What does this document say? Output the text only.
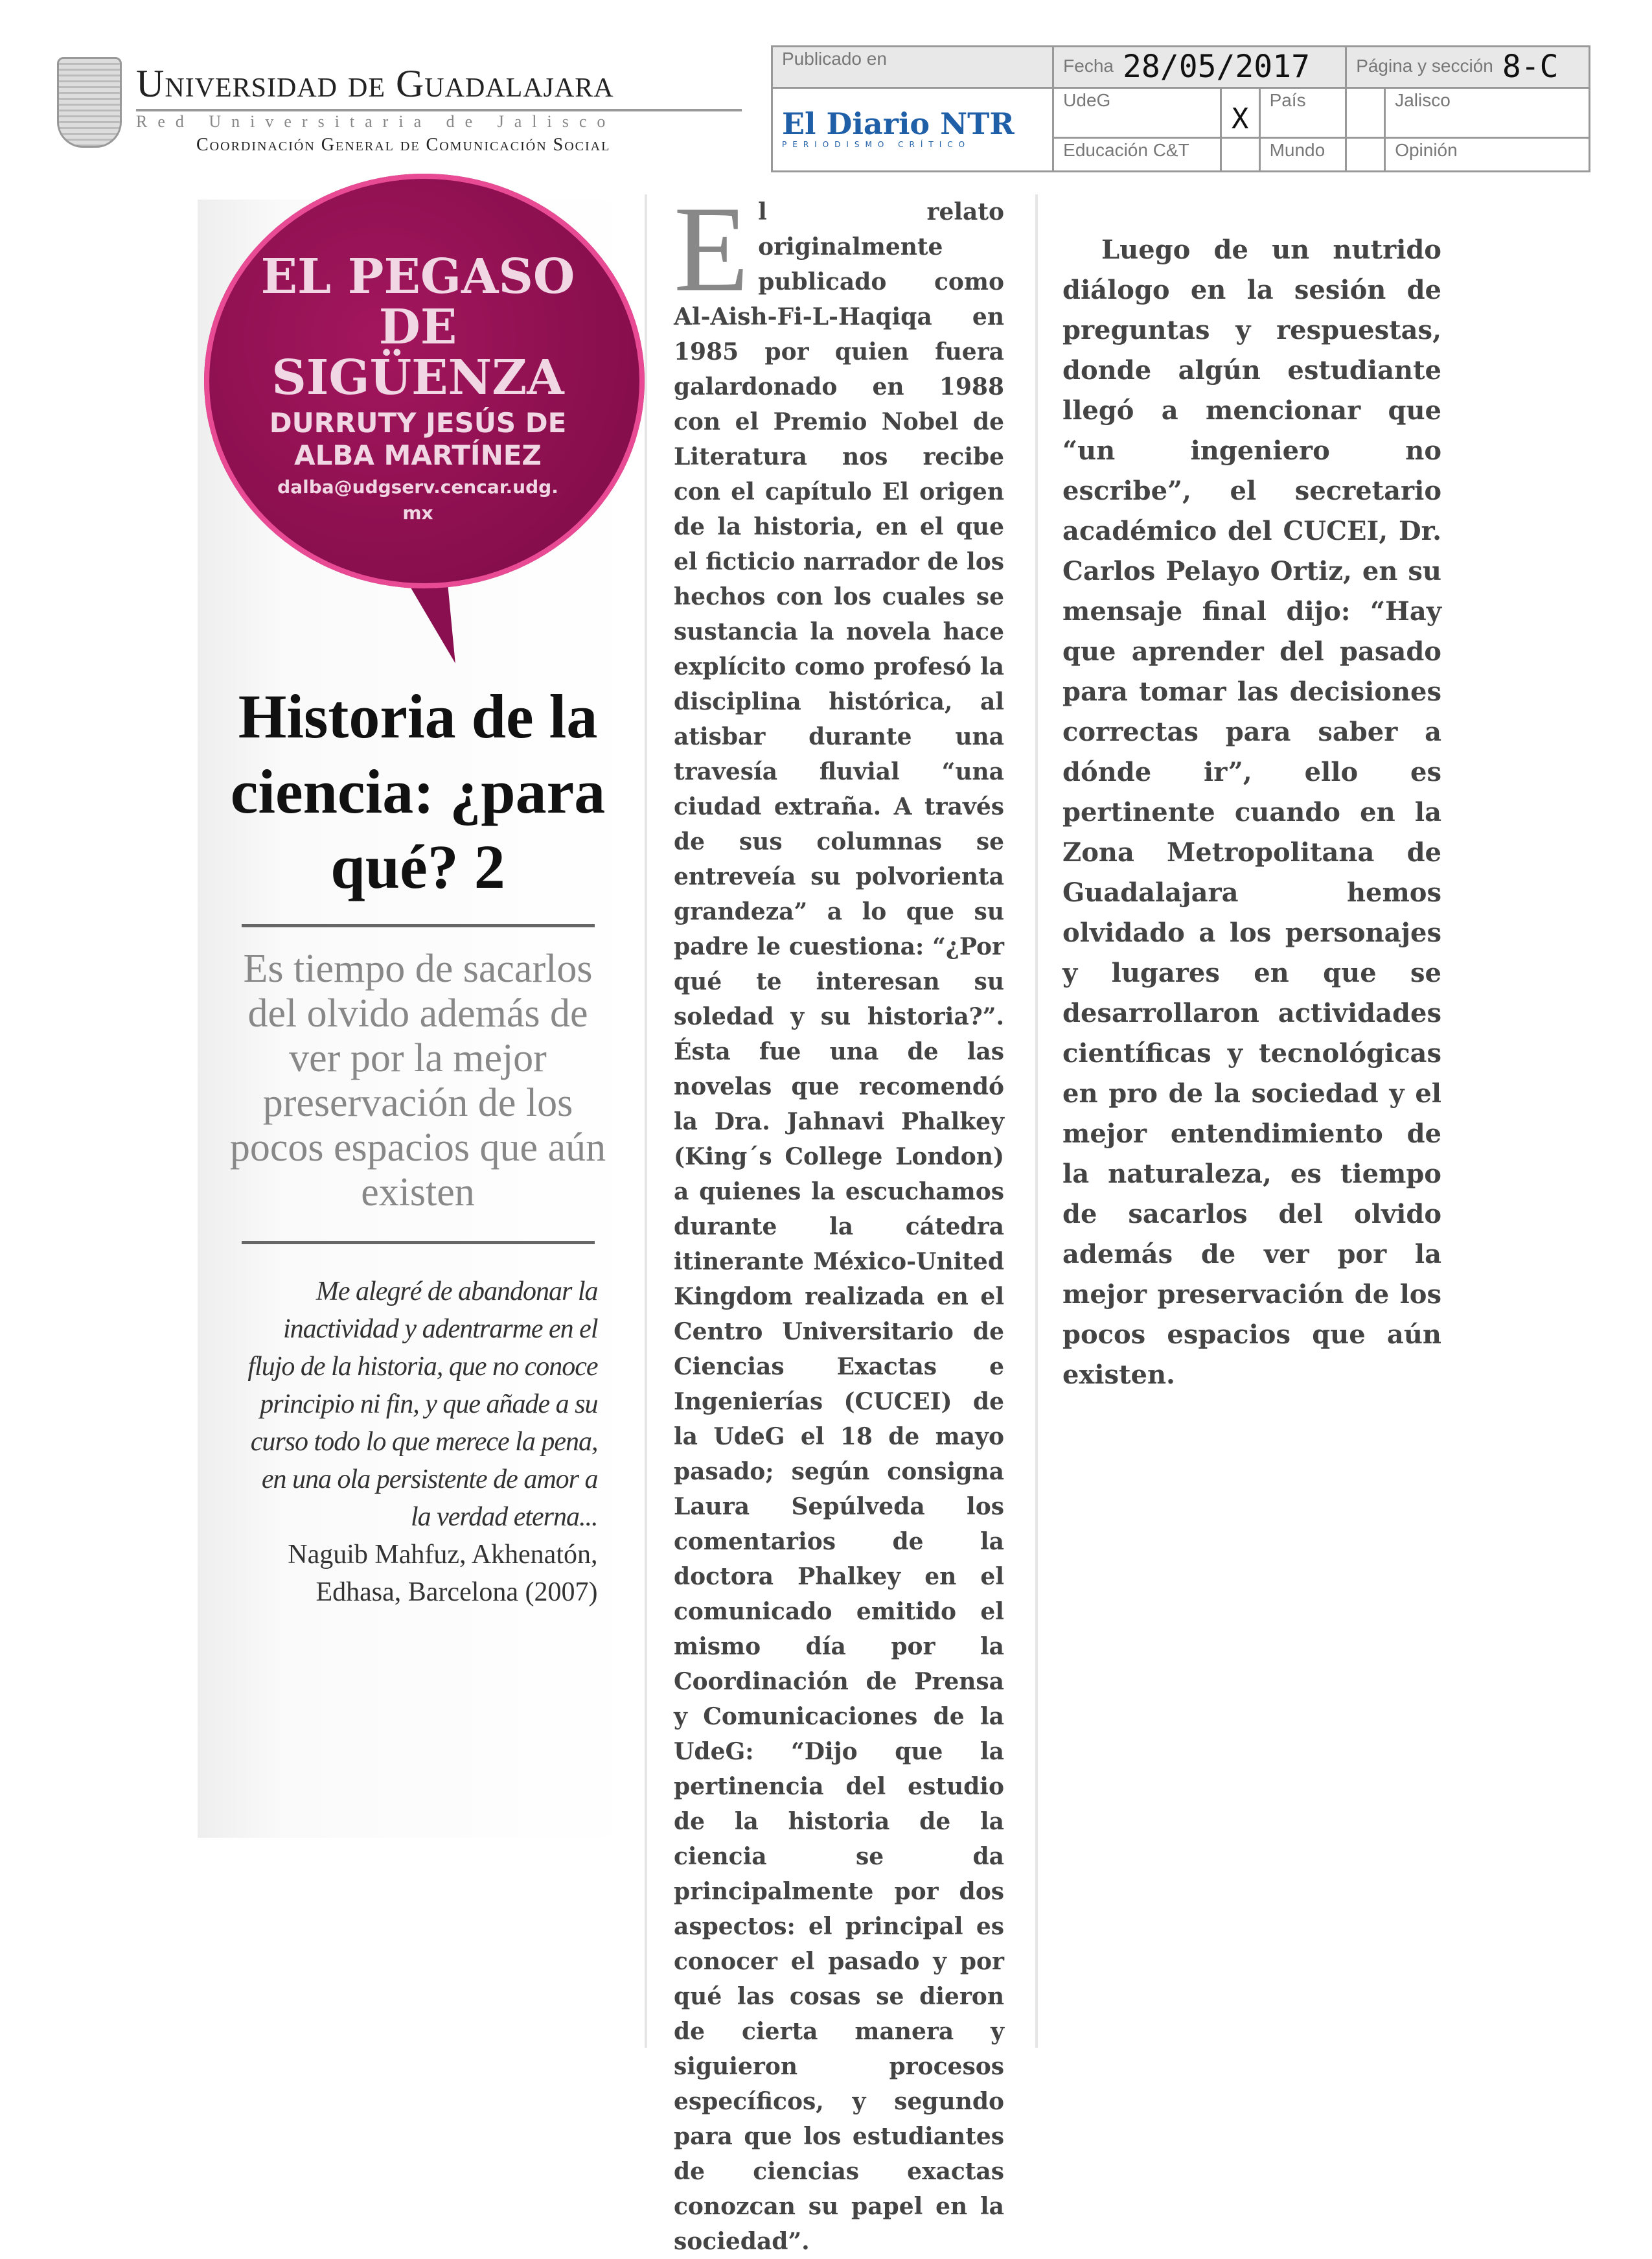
Universidad de Guadalajara
Red Universitaria de Jalisco
Coordinación General de Comunicación Social
Publicado en	Fecha 28/05/2017			Página y sección 8-C	

El Diario NTR
PERIODISMO CRÍTICO	UdeG	X	País		Jalisco
	Educación C&T		Mundo		Opinión
EL PEGASO DE SIGÜENZA
DURRUTY JESÚS DE ALBA MARTÍNEZ
dalba@udgserv.cencar.udg.mx
Historia de la ciencia: ¿para qué? 2
Es tiempo de sacarlos del olvido además de ver por la mejor preservación de los pocos espacios que aún existen
Me alegré de abandonar la inactividad y adentrarme en el flujo de la historia, que no conoce principio ni fin, y que añade a su curso todo lo que merece la pena, en una ola persistente de amor a la verdad eterna...
Naguib Mahfuz, Akhenatón, Edhasa, Barcelona (2007)
E l relato originalmente publicado como Al-Aish-Fi-L-Haqiqa en 1985 por quien fuera galardonado en 1988 con el Premio Nobel de Literatura nos recibe con el capítulo El origen de la historia, en el que el ficticio narrador de los hechos con los cuales se sustancia la novela hace explícito como profesó la disciplina histórica, al atisbar durante una travesía fluvial “una ciudad extraña. A través de sus columnas se entreveía su polvorienta grandeza” a lo que su padre le cuestiona: “¿Por qué te interesan su soledad y su historia?”. Ésta fue una de las novelas que recomendó la Dra. Jahnavi Phalkey (King´s College London) a quienes la escuchamos durante la cátedra itinerante México-United Kingdom realizada en el Centro Universitario de Ciencias Exactas e Ingenierías (CUCEI) de la UdeG el 18 de mayo pasado; según consigna Laura Sepúlveda los comentarios de la doctora Phalkey en el comunicado emitido el mismo día por la Coordinación de Prensa y Comunicaciones de la UdeG: “Dijo que la pertinencia del estudio de la historia de la ciencia se da principalmente por dos aspectos: el principal es conocer el pasado y por qué las cosas se dieron de cierta manera y siguieron procesos específicos, y segundo para que los estudiantes de ciencias exactas conozcan su papel en la sociedad”.

Luego de un nutrido diálogo en la sesión de preguntas y respuestas, donde algún estudiante llegó a mencionar que “un ingeniero no escribe”, el secretario académico del CUCEI, Dr. Carlos Pelayo Ortiz, en su mensaje final dijo: “Hay que aprender del pasado para tomar las decisiones correctas para saber a dónde ir”, ello es pertinente cuando en la Zona Metropolitana de Guadalajara hemos olvidado a los personajes y lugares en que se desarrollaron actividades científicas y tecnológicas en pro de la sociedad y el mejor entendimiento de la naturaleza, es tiempo de sacarlos del olvido además de ver por la mejor preservación de los pocos espacios que aún existen.
